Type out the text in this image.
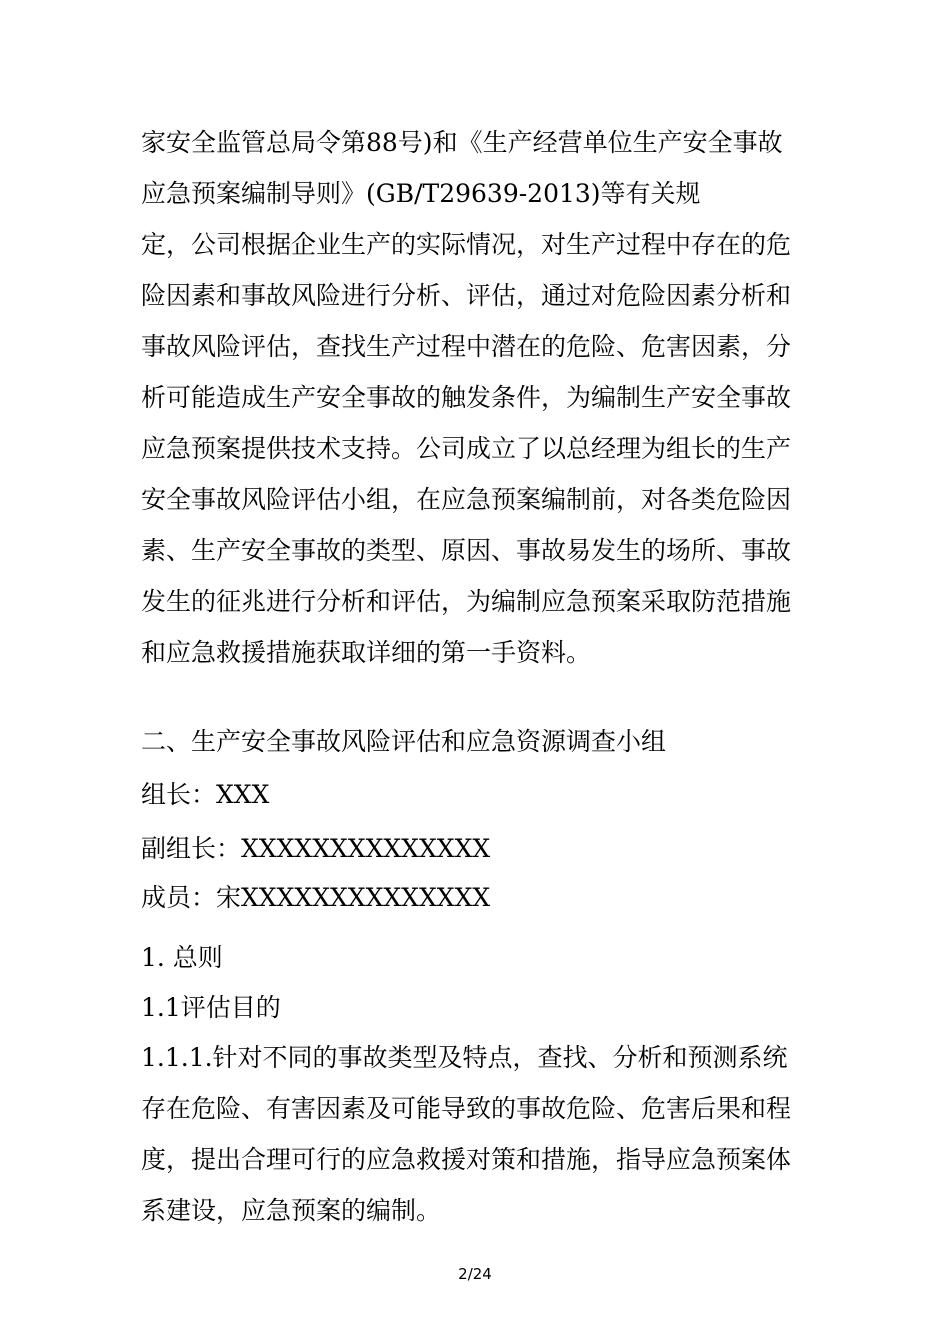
家安全监管总局令第88号)和《生产经营单位生产安全事故
应急预案编制导则》(GB/T29639-2013)等有关规
定，公司根据企业生产的实际情况，对生产过程中存在的危
险因素和事故风险进行分析、评估，通过对危险因素分析和
事故风险评估，查找生产过程中潜在的危险、危害因素，分
析可能造成生产安全事故的触发条件，为编制生产安全事故
应急预案提供技术支持。公司成立了以总经理为组长的生产
安全事故风险评估小组，在应急预案编制前，对各类危险因
素、生产安全事故的类型、原因、事故易发生的场所、事故
发生的征兆进行分析和评估，为编制应急预案采取防范措施
和应急救援措施获取详细的第一手资料。
二、生产安全事故风险评估和应急资源调查小组
组长：XXX
副组长：XXXXXXXXXXXXXX
成员：宋XXXXXXXXXXXXXX
1. 总则
1.1评估目的
1.1.1.针对不同的事故类型及特点，查找、分析和预测系统
存在危险、有害因素及可能导致的事故危险、危害后果和程
度，提出合理可行的应急救援对策和措施，指导应急预案体
系建设，应急预案的编制。
2/24
